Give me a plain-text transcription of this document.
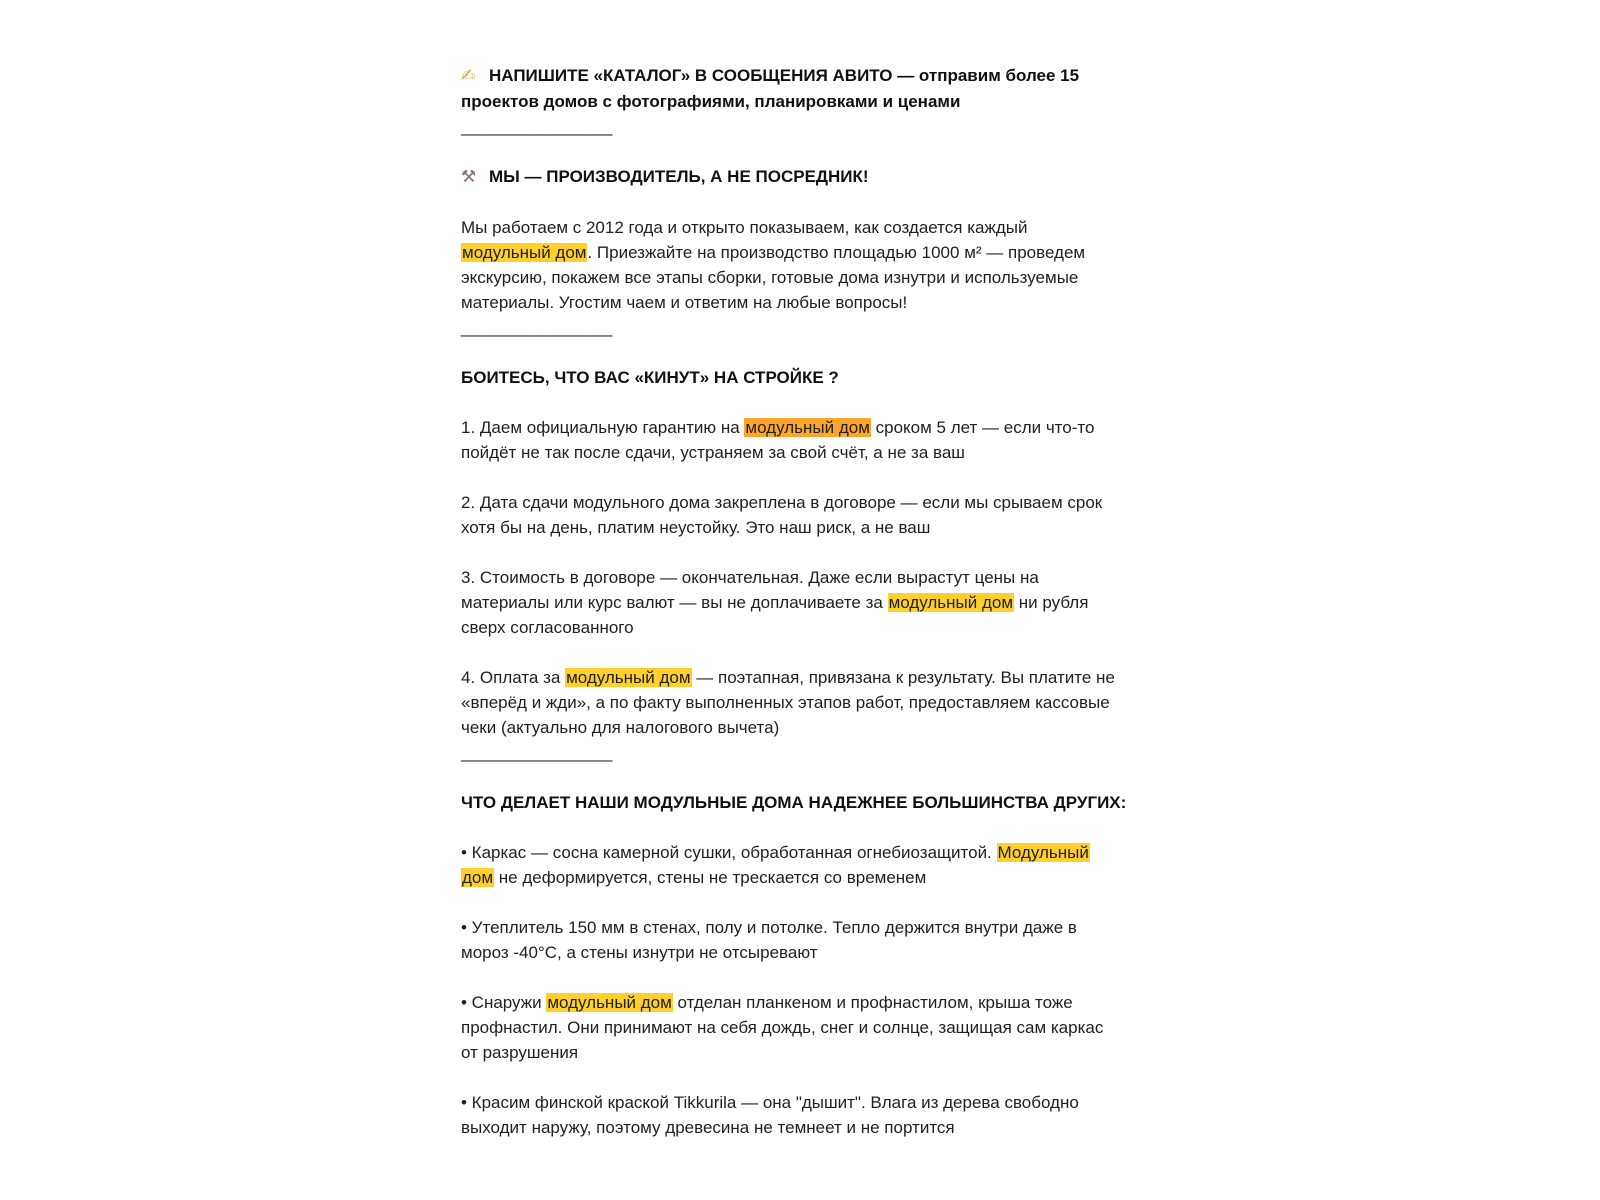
✍ НАПИШИТЕ «КАТАЛОГ» В СООБЩЕНИЯ АВИТО — отправим более 15

проектов домов с фотографиями, планировками и ценами

________________

⚒ МЫ — ПРОИЗВОДИТЕЛЬ, А НЕ ПОСРЕДНИК!

Мы работаем с 2012 года и открыто показываем, как создается каждый

модульный дом. Приезжайте на производство площадью 1000 м² — проведем

экскурсию, покажем все этапы сборки, готовые дома изнутри и используемые

материалы. Угостим чаем и ответим на любые вопросы!

________________

БОИТЕСЬ, ЧТО ВАС «КИНУТ» НА СТРОЙКЕ ?

1. Даем официальную гарантию на модульный дом сроком 5 лет — если что-то

пойдёт не так после сдачи, устраняем за свой счёт, а не за ваш

2. Дата сдачи модульного дома закреплена в договоре — если мы срываем срок

хотя бы на день, платим неустойку. Это наш риск, а не ваш

3. Стоимость в договоре — окончательная. Даже если вырастут цены на

материалы или курс валют — вы не доплачиваете за модульный дом ни рубля

сверх согласованного

4. Оплата за модульный дом — поэтапная, привязана к результату. Вы платите не

«вперёд и жди», а по факту выполненных этапов работ, предоставляем кассовые

чеки (актуально для налогового вычета)

________________

ЧТО ДЕЛАЕТ НАШИ МОДУЛЬНЫЕ ДОМА НАДЕЖНЕЕ БОЛЬШИНСТВА ДРУГИХ:

• Каркас — сосна камерной сушки, обработанная огнебиозащитой. Модульный

дом не деформируется, стены не трескается со временем

• Утеплитель 150 мм в стенах, полу и потолке. Тепло держится внутри даже в

мороз -40°C, а стены изнутри не отсыревают

• Снаружи модульный дом отделан планкеном и профнастилом, крыша тоже

профнастил. Они принимают на себя дождь, снег и солнце, защищая сам каркас

от разрушения

• Красим финской краской Tikkurila — она "дышит". Влага из дерева свободно

выходит наружу, поэтому древесина не темнеет и не портится
